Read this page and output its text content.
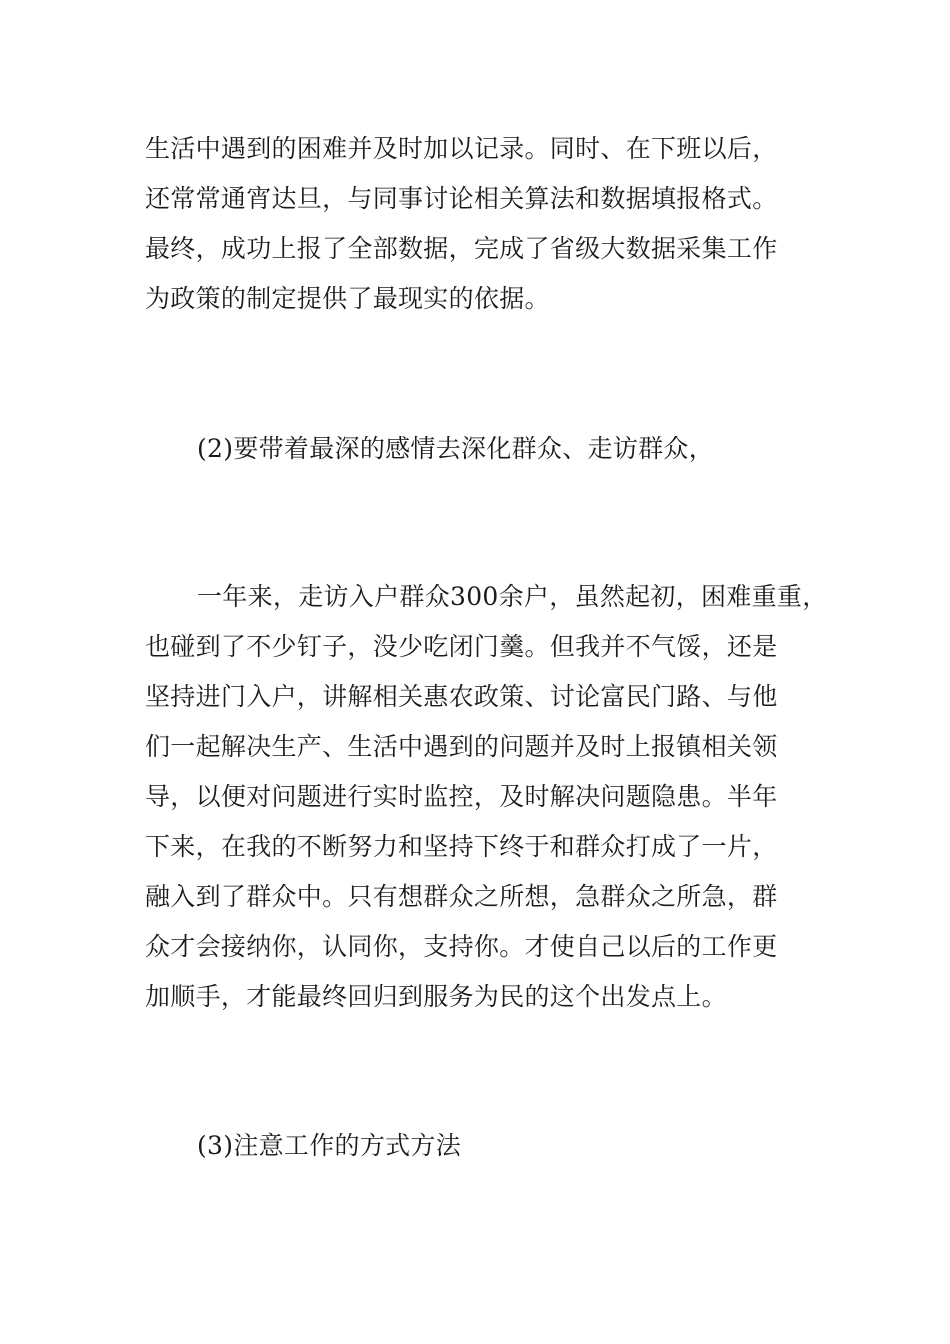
生活中遇到的困难并及时加以记录。同时、在下班以后，

还常常通宵达旦，与同事讨论相关算法和数据填报格式。

最终，成功上报了全部数据，完成了省级大数据采集工作

为政策的制定提供了最现实的依据。

(2)要带着最深的感情去深化群众、走访群众，

一年来，走访入户群众300余户，虽然起初，困难重重，

也碰到了不少钉子，没少吃闭门羹。但我并不气馁，还是

坚持进门入户，讲解相关惠农政策、讨论富民门路、与他

们一起解决生产、生活中遇到的问题并及时上报镇相关领

导，以便对问题进行实时监控，及时解决问题隐患。半年

下来，在我的不断努力和坚持下终于和群众打成了一片，

融入到了群众中。只有想群众之所想，急群众之所急，群

众才会接纳你，认同你，支持你。才使自己以后的工作更

加顺手，才能最终回归到服务为民的这个出发点上。

(3)注意工作的方式方法
